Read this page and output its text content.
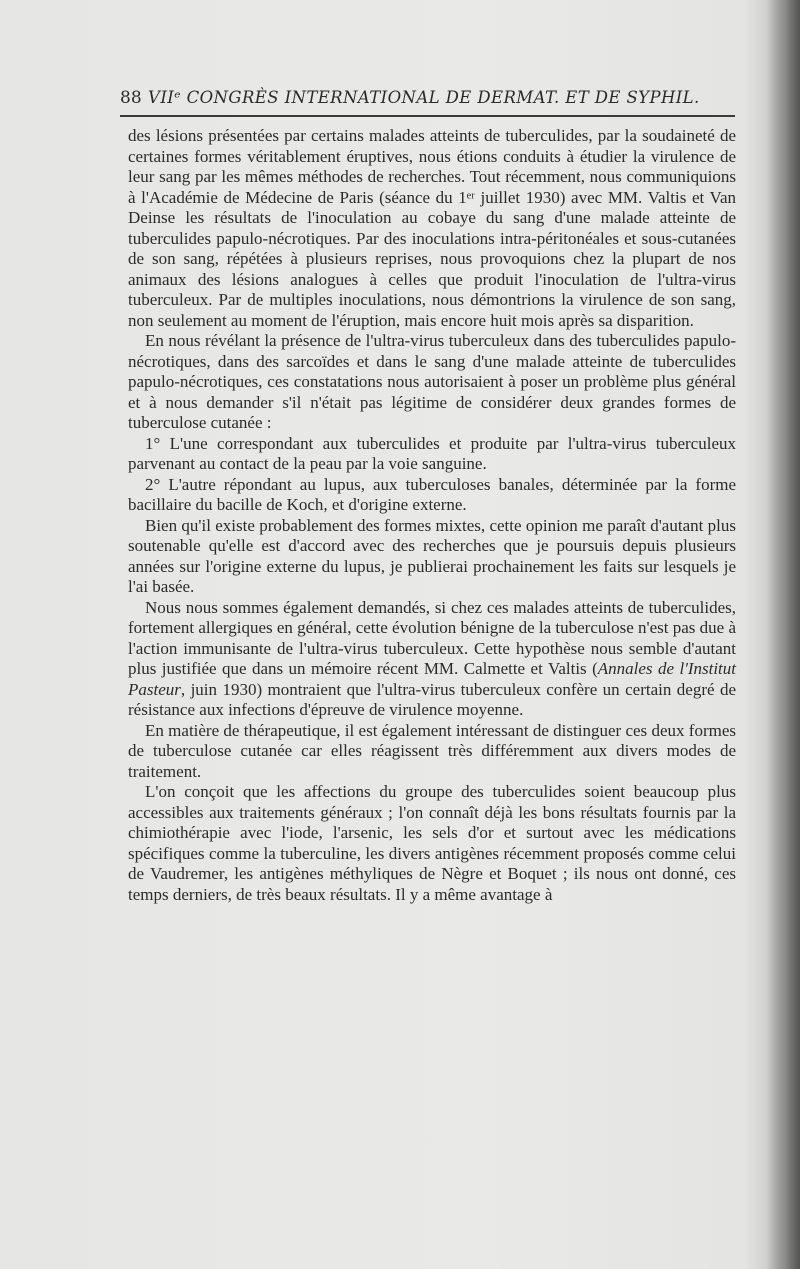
88 VIIᵉ CONGRÈS INTERNATIONAL DE DERMAT. ET DE SYPHIL.

des lésions présentées par certains malades atteints de tuberculides, par la soudaineté de certaines formes véritablement éruptives, nous étions conduits à étudier la virulence de leur sang par les mêmes méthodes de recherches. Tout récemment, nous communiquions à l'Académie de Médecine de Paris (séance du 1ᵉʳ juillet 1930) avec MM. Valtis et Van Deinse les résultats de l'inoculation au cobaye du sang d'une malade atteinte de tuberculides papulo-nécrotiques. Par des inoculations intra-péritonéales et sous-cutanées de son sang, répétées à plusieurs reprises, nous provoquions chez la plupart de nos animaux des lésions analogues à celles que produit l'inoculation de l'ultra-virus tuberculeux. Par de multiples inoculations, nous démontrions la virulence de son sang, non seulement au moment de l'éruption, mais encore huit mois après sa disparition.

En nous révélant la présence de l'ultra-virus tuberculeux dans des tuberculides papulo-nécrotiques, dans des sarcoïdes et dans le sang d'une malade atteinte de tuberculides papulo-nécrotiques, ces constatations nous autorisaient à poser un problème plus général et à nous demander s'il n'était pas légitime de considérer deux grandes formes de tuberculose cutanée :

1° L'une correspondant aux tuberculides et produite par l'ultra-virus tuberculeux parvenant au contact de la peau par la voie sanguine.

2° L'autre répondant au lupus, aux tuberculoses banales, déterminée par la forme bacillaire du bacille de Koch, et d'origine externe.

Bien qu'il existe probablement des formes mixtes, cette opinion me paraît d'autant plus soutenable qu'elle est d'accord avec des recherches que je poursuis depuis plusieurs années sur l'origine externe du lupus, je publierai prochainement les faits sur lesquels je l'ai basée.

Nous nous sommes également demandés, si chez ces malades atteints de tuberculides, fortement allergiques en général, cette évolution bénigne de la tuberculose n'est pas due à l'action immunisante de l'ultra-virus tuberculeux. Cette hypothèse nous semble d'autant plus justifiée que dans un mémoire récent MM. Calmette et Valtis (Annales de l'Institut Pasteur, juin 1930) montraient que l'ultra-virus tuberculeux confère un certain degré de résistance aux infections d'épreuve de virulence moyenne.

En matière de thérapeutique, il est également intéressant de distinguer ces deux formes de tuberculose cutanée car elles réagissent très différemment aux divers modes de traitement.

L'on conçoit que les affections du groupe des tuberculides soient beaucoup plus accessibles aux traitements généraux ; l'on connaît déjà les bons résultats fournis par la chimiothérapie avec l'iode, l'arsenic, les sels d'or et surtout avec les médications spécifiques comme la tuberculine, les divers antigènes récemment proposés comme celui de Vaudremer, les antigènes méthyliques de Nègre et Boquet ; ils nous ont donné, ces temps derniers, de très beaux résultats. Il y a même avantage à
